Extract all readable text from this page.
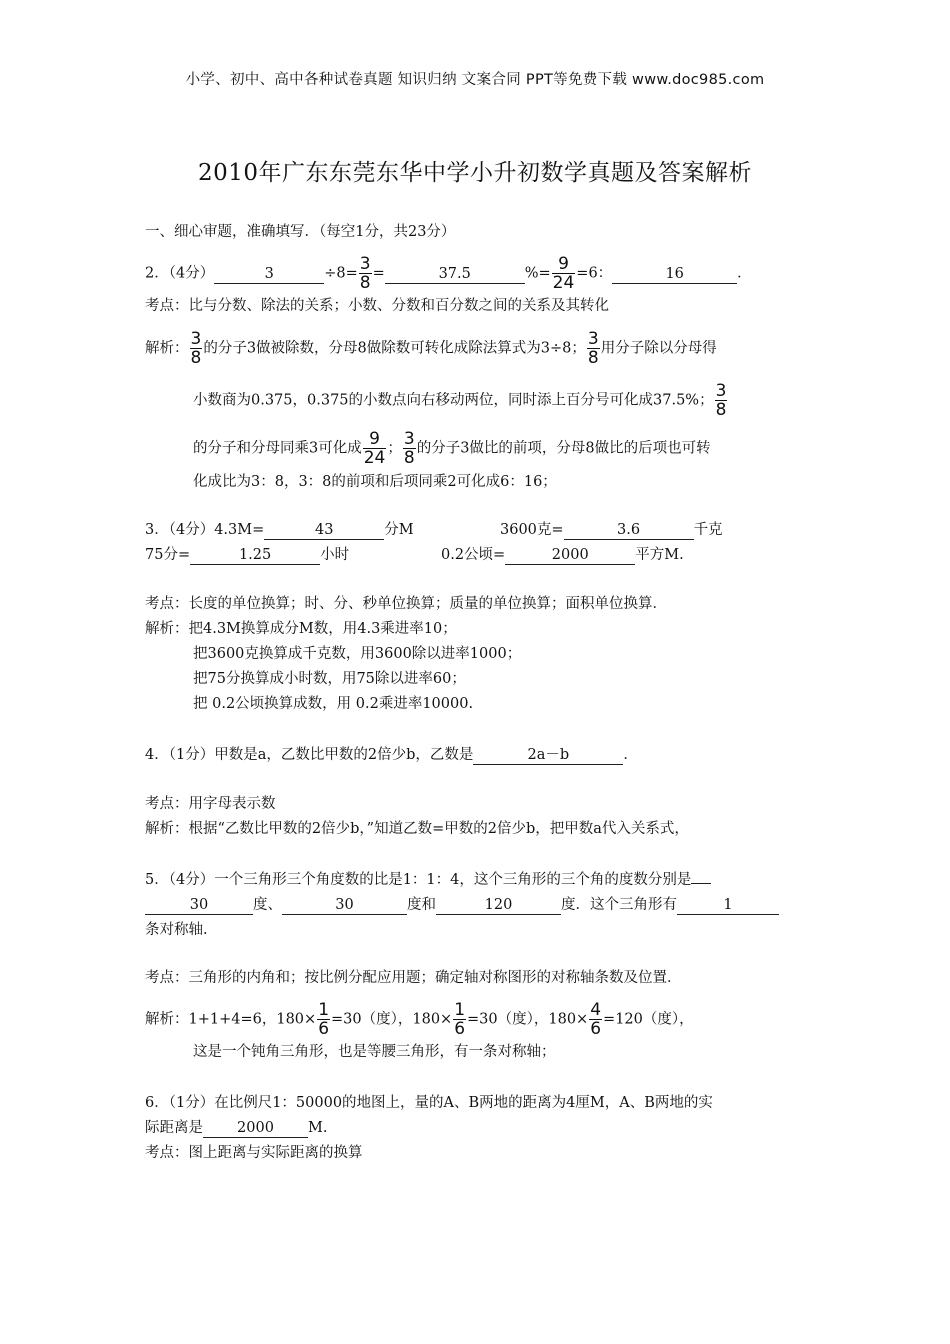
小学、初中、高中各种试卷真题 知识归纳 文案合同 PPT等免费下载 www.doc985.com
2010年广东东莞东华中学小升初数学真题及答案解析
一、细心审题，准确填写．（每空1分，共23分）
2．（4分）	3	$\div 8= \frac{3}{8}$ =	37.5	%= $\frac{9}{24} =6$：	16	．
考点：比与分数、除法的关系；小数、分数和百分数之间的关系及其转化
解析： $\frac{3}{8}$ 的分子3做被除数，分母8做除数可转化成除法算式为3÷8； $\frac{3}{8}$ 用分子除以分母得
小数商为0.375，0.375的小数点向右移动两位，同时添上百分号可化成37.5%； $\frac{3}{8}$
的分子和分母同乘3可化成 $\frac{9}{24}$ ； $\frac{3}{8}$ 的分子3做比的前项，分母8做比的后项也可转
化成比为3：8，3：8的前项和后项同乘2可化成6：16；
3．（4分）4.3M=	43	分M	3600克=	3.6	千克
75分=	1.25	小时	0.2公顷=	2000	平方M.
考点：长度的单位换算；时、分、秒单位换算；质量的单位换算；面积单位换算．
解析：把4.3M换算成分M数，用4.3乘进率10；
把3600克换算成千克数，用3600除以进率1000；
把75分换算成小时数，用75除以进率60；
把 0.2公顷换算成数，用 0.2乘进率10000.
4．（1分）甲数是a，乙数比甲数的2倍少b，乙数是	2a－b	．
考点：用字母表示数
解析：根据“乙数比甲数的2倍少b，”知道乙数=甲数的2倍少b，把甲数a代入关系式，
5．（4分）一个三角形三个角度数的比是1：1：4，这个三角形的三个角的度数分别是
30	度、	30	度和	120	度．这个三角形有	1
条对称轴.
考点：三角形的内角和；按比例分配应用题；确定轴对称图形的对称轴条数及位置．
解析：1+1+4=6，$180\times \frac{1}{6} =30$（度），$180\times \frac{1}{6} =30$（度），$180\times \frac{4}{6} =120$（度），
这是一个钝角三角形，也是等腰三角形，有一条对称轴；
6．（1分）在比例尺1：50000的地图上，量的A、B两地的距离为4厘M，A、B两地的实
际距离是 2000 M.
考点：图上距离与实际距离的换算
